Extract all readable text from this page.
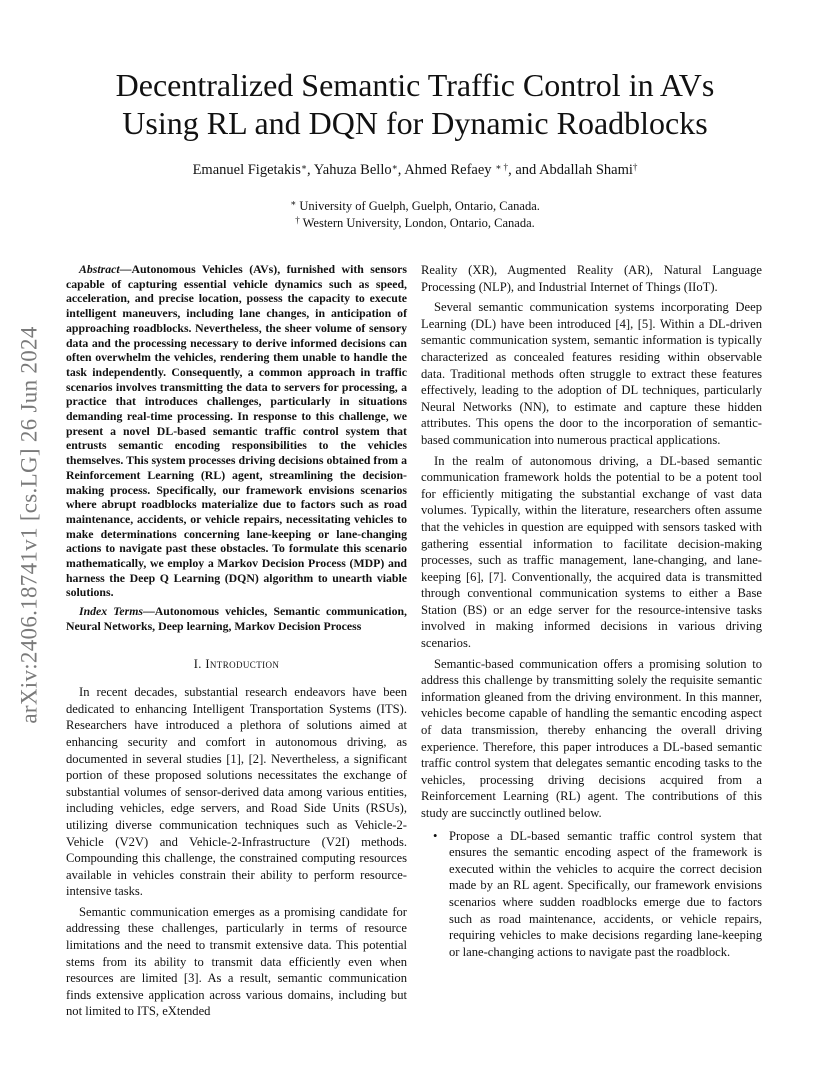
arXiv:2406.18741v1 [cs.LG] 26 Jun 2024
Decentralized Semantic Traffic Control in AVs
Using RL and DQN for Dynamic Roadblocks
Emanuel Figetakis∗, Yahuza Bello∗, Ahmed Refaey ∗ †, and Abdallah Shami†
∗ University of Guelph, Guelph, Ontario, Canada.
† Western University, London, Ontario, Canada.

Abstract—Autonomous Vehicles (AVs), furnished with sensors capable of capturing essential vehicle dynamics such as speed, acceleration, and precise location, possess the capacity to execute intelligent maneuvers, including lane changes, in anticipation of approaching roadblocks. Nevertheless, the sheer volume of sensory data and the processing necessary to derive informed decisions can often overwhelm the vehicles, rendering them unable to handle the task independently. Consequently, a common approach in traffic scenarios involves transmitting the data to servers for processing, a practice that introduces challenges, particularly in situations demanding real-time processing. In response to this challenge, we present a novel DL-based semantic traffic control system that entrusts semantic encoding responsibilities to the vehicles themselves. This system processes driving decisions obtained from a Reinforcement Learning (RL) agent, streamlining the decision-making process. Specifically, our framework envisions scenarios where abrupt roadblocks materialize due to factors such as road maintenance, accidents, or vehicle repairs, necessitating vehicles to make determinations concerning lane-keeping or lane-changing actions to navigate past these obstacles. To formulate this scenario mathematically, we employ a Markov Decision Process (MDP) and harness the Deep Q Learning (DQN) algorithm to unearth viable solutions.

Index Terms—Autonomous vehicles, Semantic communication, Neural Networks, Deep learning, Markov Decision Process

I. Introduction

In recent decades, substantial research endeavors have been dedicated to enhancing Intelligent Transportation Systems (ITS). Researchers have introduced a plethora of solutions aimed at enhancing security and comfort in autonomous driving, as documented in several studies [1], [2]. Nevertheless, a significant portion of these proposed solutions necessitates the exchange of substantial volumes of sensor-derived data among various entities, including vehicles, edge servers, and Road Side Units (RSUs), utilizing diverse communication techniques such as Vehicle-2-Vehicle (V2V) and Vehicle-2-Infrastructure (V2I) methods. Compounding this challenge, the constrained computing resources available in vehicles constrain their ability to perform resource-intensive tasks.

Semantic communication emerges as a promising candidate for addressing these challenges, particularly in terms of resource limitations and the need to transmit extensive data. This potential stems from its ability to transmit data efficiently even when resources are limited [3]. As a result, semantic communication finds extensive application across various domains, including but not limited to ITS, eXtended

Reality (XR), Augmented Reality (AR), Natural Language Processing (NLP), and Industrial Internet of Things (IIoT).

Several semantic communication systems incorporating Deep Learning (DL) have been introduced [4], [5]. Within a DL-driven semantic communication system, semantic information is typically characterized as concealed features residing within observable data. Traditional methods often struggle to extract these features effectively, leading to the adoption of DL techniques, particularly Neural Networks (NN), to estimate and capture these hidden attributes. This opens the door to the incorporation of semantic-based communication into numerous practical applications.

In the realm of autonomous driving, a DL-based semantic communication framework holds the potential to be a potent tool for efficiently mitigating the substantial exchange of vast data volumes. Typically, within the literature, researchers often assume that the vehicles in question are equipped with sensors tasked with gathering essential information to facilitate decision-making processes, such as traffic management, lane-changing, and lane-keeping [6], [7]. Conventionally, the acquired data is transmitted through conventional communication systems to either a Base Station (BS) or an edge server for the resource-intensive tasks involved in making informed decisions in various driving scenarios.

Semantic-based communication offers a promising solution to address this challenge by transmitting solely the requisite semantic information gleaned from the driving environment. In this manner, vehicles become capable of handling the semantic encoding aspect of data transmission, thereby enhancing the overall driving experience. Therefore, this paper introduces a DL-based semantic traffic control system that delegates semantic encoding tasks to the vehicles, processing driving decisions acquired from a Reinforcement Learning (RL) agent. The contributions of this study are succinctly outlined below.

• Propose a DL-based semantic traffic control system that ensures the semantic encoding aspect of the framework is executed within the vehicles to acquire the correct decision made by an RL agent. Specifically, our framework envisions scenarios where sudden roadblocks emerge due to factors such as road maintenance, accidents, or vehicle repairs, requiring vehicles to make decisions regarding lane-keeping or lane-changing actions to navigate past the roadblock.
